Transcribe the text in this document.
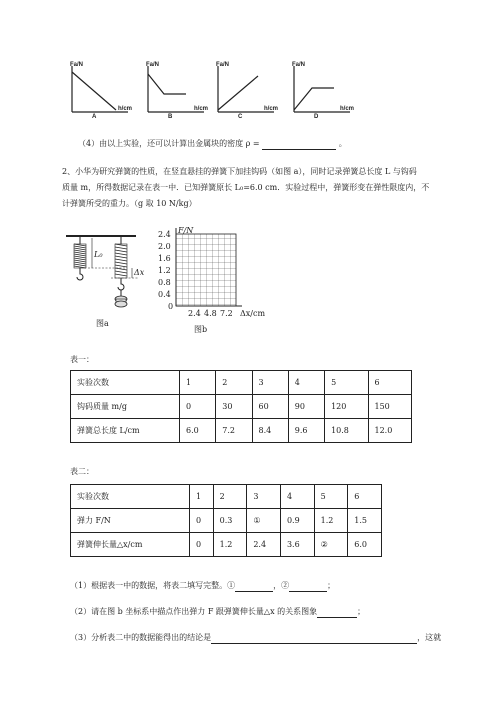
Fa/N
h/cm
A
Fa/N
h/cm
B
Fa/N
h/cm
C
Fa/N
h/cm
D
（4）由以上实验，还可以计算出金属块的密度 ρ =	。
2、小华为研究弹簧的性质，在竖直悬挂的弹簧下加挂钩码（如图 a），同时记录弹簧总长度 L 与钩码
质量 m，所得数据记录在表一中．已知弹簧原长 L₀=6.0 cm．实验过程中，弹簧形变在弹性限度内，不
计弹簧所受的重力。（g 取 10 N/kg）
L₀
Δx
图a
F/N
2.4
2.0
1.6
1.2
0.8
0.4
0
2.4 4.8 7.2 Δx/cm
图b
表一：
实验次数	1	2	3	4	5	6
钩码质量 m/g	0	30	60	90	120	150
弹簧总长度 L/cm	6.0	7.2	8.4	9.6	10.8	12.0
表二：
实验次数	1	2	3	4	5	6
弹力 F/N	0	0.3	①	0.9	1.2	1.5
弹簧伸长量△x/cm	0	1.2	2.4	3.6	②	6.0
（1）根据表一中的数据，将表二填写完整。①	，②	；
（2）请在图 b 坐标系中描点作出弹力 F 跟弹簧伸长量△x 的关系图象	；
（3）分析表二中的数据能得出的结论是	，这就
